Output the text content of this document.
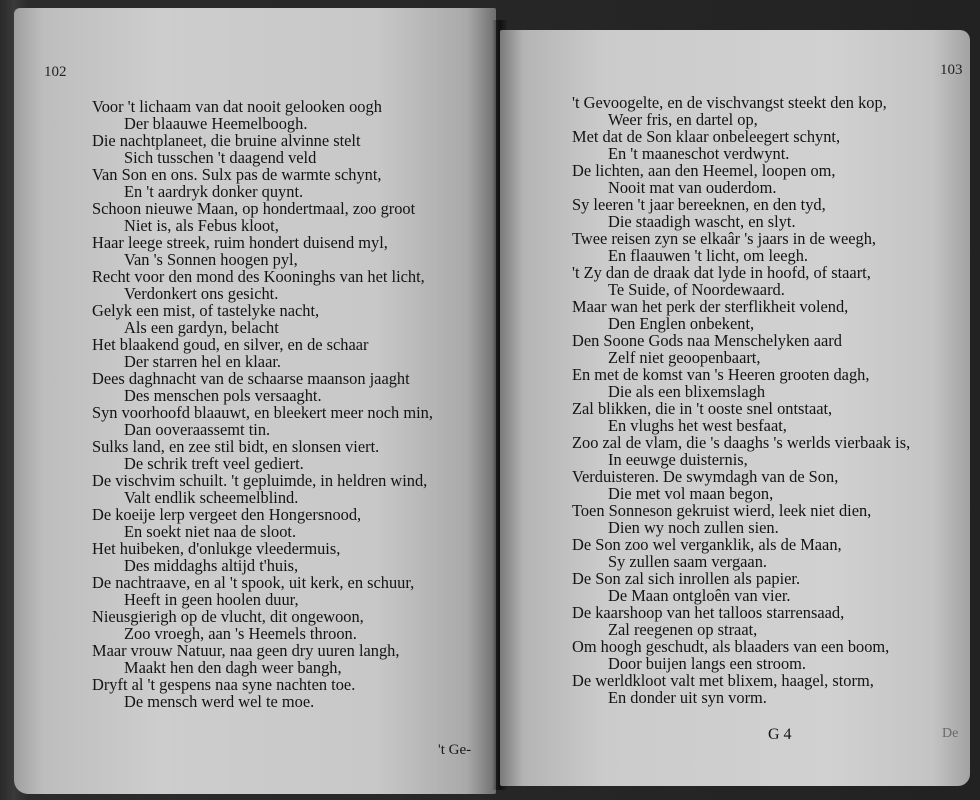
102
Voor 't lichaam van dat nooit gelooken oogh
Der blaauwe Heemelboogh.
Die nachtplaneet, die bruine alvinne stelt
Sich tusschen 't daagend veld
Van Son en ons. Sulx pas de warmte schynt,
En 't aardryk donker quynt.
Schoon nieuwe Maan, op hondertmaal, zoo groot
Niet is, als Febus kloot,
Haar leege streek, ruim hondert duisend myl,
Van 's Sonnen hoogen pyl,
Recht voor den mond des Kooninghs van het licht,
Verdonkert ons gesicht.
Gelyk een mist, of tastelyke nacht,
Als een gardyn, belacht
Het blaakend goud, en silver, en de schaar
Der starren hel en klaar.
Dees daghnacht van de schaarse maanson jaaght
Des menschen pols versaaght.
Syn voorhoofd blaauwt, en bleekert meer noch min,
Dan ooveraassemt tin.
Sulks land, en zee stil bidt, en slonsen viert.
De schrik treft veel gediert.
De vischvim schuilt. 't gepluimde, in heldren wind,
Valt endlik scheemelblind.
De koeije lerp vergeet den Hongersnood,
En soekt niet naa de sloot.
Het huibeken, d'onlukge vleedermuis,
Des middaghs altijd t'huis,
De nachtraave, en al 't spook, uit kerk, en schuur,
Heeft in geen hoolen duur,
Nieusgierigh op de vlucht, dit ongewoon,
Zoo vroegh, aan 's Heemels throon.
Maar vrouw Natuur, naa geen dry uuren langh,
Maakt hen den dagh weer bangh,
Dryft al 't gespens naa syne nachten toe.
De mensch werd wel te moe.
't Ge-
103
't Gevoogelte, en de vischvangst steekt den kop,
Weer fris, en dartel op,
Met dat de Son klaar onbeleegert schynt,
En 't maaneschot verdwynt.
De lichten, aan den Heemel, loopen om,
Nooit mat van ouderdom.
Sy leeren 't jaar bereeknen, en den tyd,
Die staadigh wascht, en slyt.
Twee reisen zyn se elkaâr 's jaars in de weegh,
En flaauwen 't licht, om leegh.
't Zy dan de draak dat lyde in hoofd, of staart,
Te Suide, of Noordewaard.
Maar wan het perk der sterflikheit volend,
Den Englen onbekent,
Den Soone Gods naa Menschelyken aard
Zelf niet geoopenbaart,
En met de komst van 's Heeren grooten dagh,
Die als een blixemslagh
Zal blikken, die in 't ooste snel ontstaat,
En vlughs het west besfaat,
Zoo zal de vlam, die 's daaghs 's werlds vierbaak is,
In eeuwge duisternis,
Verduisteren. De swymdagh van de Son,
Die met vol maan begon,
Toen Sonneson gekruist wierd, leek niet dien,
Dien wy noch zullen sien.
De Son zoo wel verganklik, als de Maan,
Sy zullen saam vergaan.
De Son zal sich inrollen als papier.
De Maan ontgloên van vier.
De kaarshoop van het talloos starrensaad,
Zal reegenen op straat,
Om hoogh geschudt, als blaaders van een boom,
Door buijen langs een stroom.
De werldkloot valt met blixem, haagel, storm,
En donder uit syn vorm.
G 4	De
